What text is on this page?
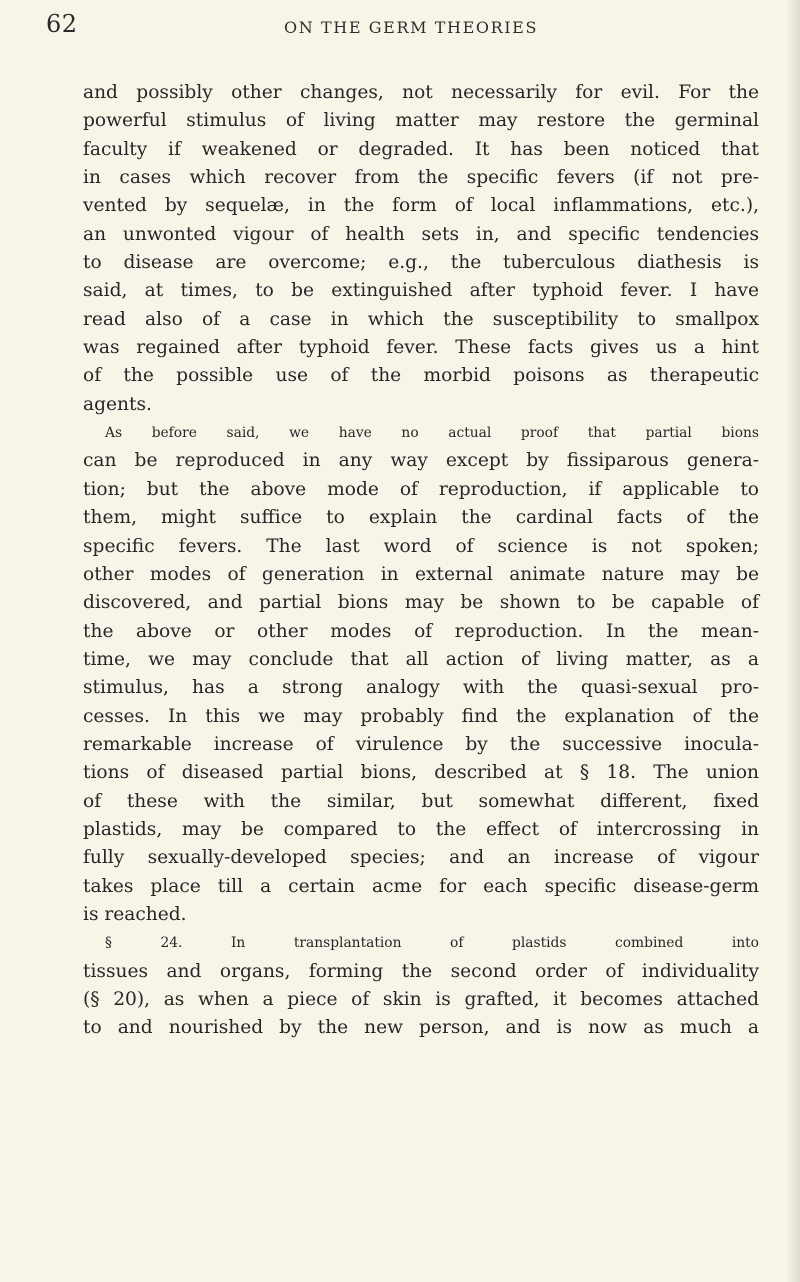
62	ON THE GERM THEORIES
and possibly other changes, not necessarily for evil. For the
powerful stimulus of living matter may restore the germinal
faculty if weakened or degraded. It has been noticed that
in cases which recover from the specific fevers (if not pre-
vented by sequelæ, in the form of local inflammations, etc.),
an unwonted vigour of health sets in, and specific tendencies
to disease are overcome; e.g., the tuberculous diathesis is
said, at times, to be extinguished after typhoid fever. I have
read also of a case in which the susceptibility to smallpox
was regained after typhoid fever. These facts gives us a hint
of the possible use of the morbid poisons as therapeutic
agents.
As before said, we have no actual proof that partial bions
can be reproduced in any way except by fissiparous genera-
tion; but the above mode of reproduction, if applicable to
them, might suffice to explain the cardinal facts of the
specific fevers. The last word of science is not spoken;
other modes of generation in external animate nature may be
discovered, and partial bions may be shown to be capable of
the above or other modes of reproduction. In the mean-
time, we may conclude that all action of living matter, as a
stimulus, has a strong analogy with the quasi-sexual pro-
cesses. In this we may probably find the explanation of the
remarkable increase of virulence by the successive inocula-
tions of diseased partial bions, described at § 18. The union
of these with the similar, but somewhat different, fixed
plastids, may be compared to the effect of intercrossing in
fully sexually-developed species; and an increase of vigour
takes place till a certain acme for each specific disease-germ
is reached.
§ 24. In transplantation of plastids combined into
tissues and organs, forming the second order of individuality
(§ 20), as when a piece of skin is grafted, it becomes attached
to and nourished by the new person, and is now as much a
